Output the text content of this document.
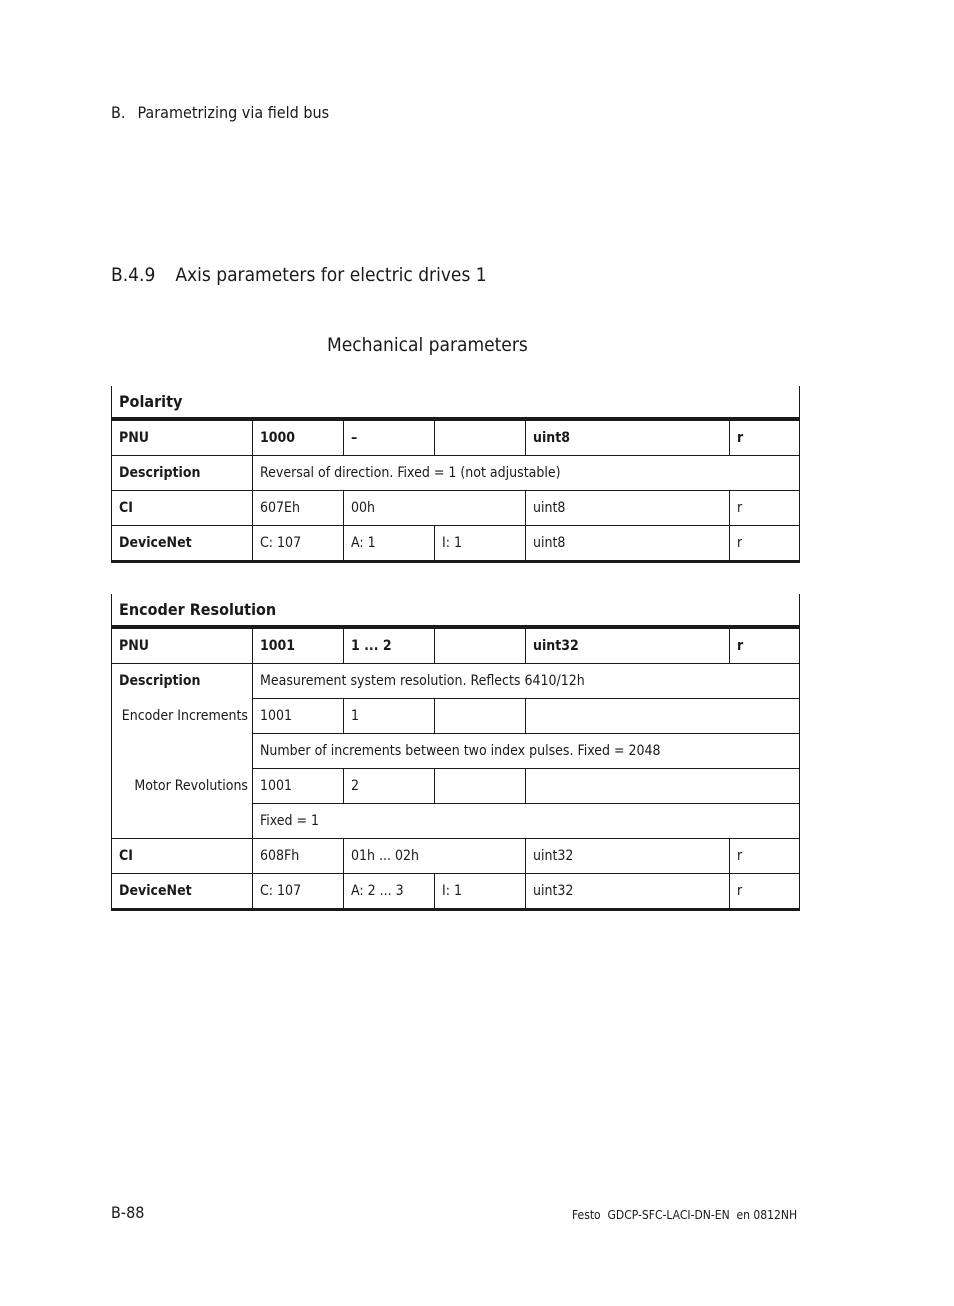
B. Parametrizing via field bus
B.4.9 Axis parameters for electric drives 1
Mechanical parameters
Polarity					
PNU	1000	–		uint8	r
Description	Reversal of direction. Fixed = 1 (not adjustable)				
CI	607Eh	00h		uint8	r
DeviceNet	C: 107	A: 1	I: 1	uint8	r
Encoder Resolution					
PNU	1001	1 ... 2		uint32	r
Description	Measurement system resolution. Reflects 6410/12h				
Encoder Increments	1001	1			
	Number of increments between two index pulses. Fixed = 2048				
Motor Revolutions	1001	2			
	Fixed = 1				
CI	608Fh	01h ... 02h		uint32	r
DeviceNet	C: 107	A: 2 ... 3	I: 1	uint32	r
B-88	Festo  GDCP-SFC-LACI-DN-EN  en 0812NH
